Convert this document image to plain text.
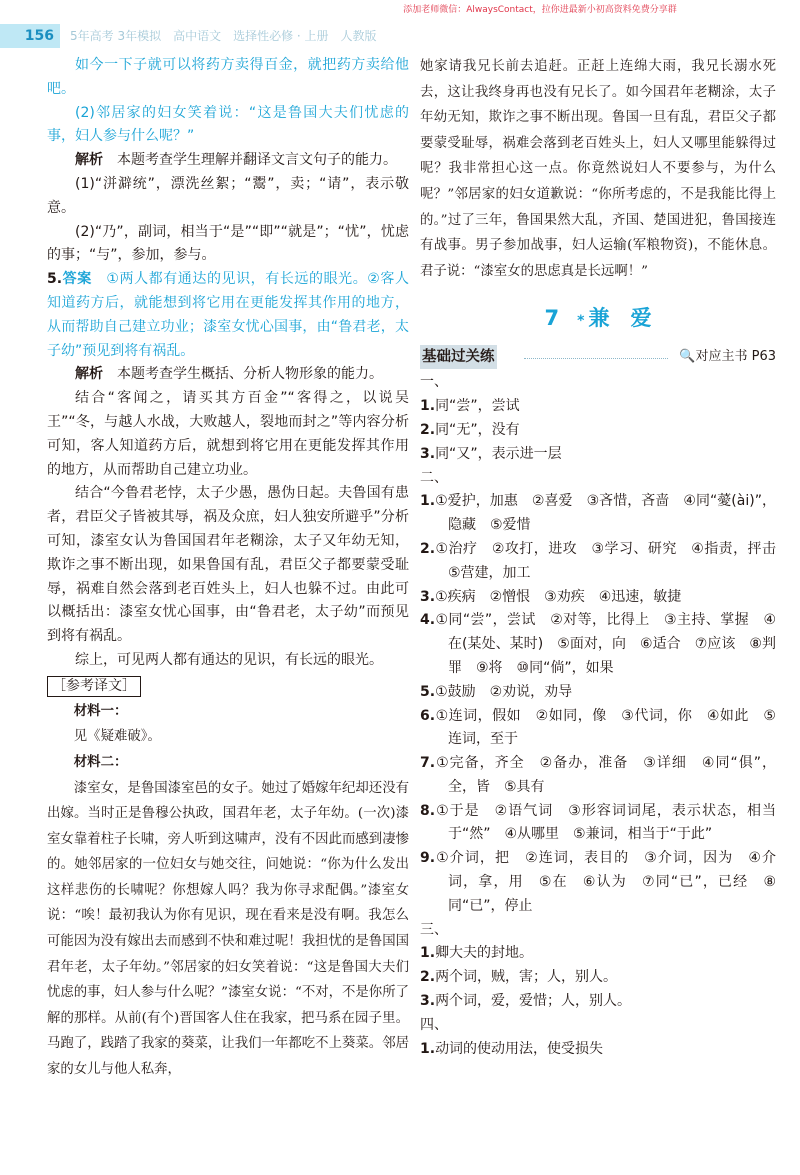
添加老师微信：AlwaysContact，拉你进最新小初高资料免费分享群
156	5年高考 3年模拟　高中语文　选择性必修 · 上册　人教版

如今一下子就可以将药方卖得百金，就把药方卖给他吧。

(2)邻居家的妇女笑着说：“这是鲁国大夫们忧虑的事，妇人参与什么呢？”

解析　本题考查学生理解并翻译文言文句子的能力。

(1)“洴澼统”，漂洗丝絮；“鬻”，卖；“请”，表示敬意。

(2)“乃”，副词，相当于“是”“即”“就是”；“忧”，忧虑的事；“与”，参加，参与。

5.答案　①两人都有通达的见识，有长远的眼光。②客人知道药方后，就能想到将它用在更能发挥其作用的地方，从而帮助自己建立功业；漆室女忧心国事，由“鲁君老，太子幼”预见到将有祸乱。

解析　本题考查学生概括、分析人物形象的能力。

结合“客闻之，请买其方百金”“客得之，以说吴王”“冬，与越人水战，大败越人，裂地而封之”等内容分析可知，客人知道药方后，就想到将它用在更能发挥其作用的地方，从而帮助自己建立功业。

结合“今鲁君老悖，太子少愚，愚伪日起。夫鲁国有患者，君臣父子皆被其辱，祸及众庶，妇人独安所避乎”分析可知，漆室女认为鲁国国君年老糊涂，太子又年幼无知，欺诈之事不断出现，如果鲁国有乱，君臣父子都要蒙受耻辱，祸难自然会落到老百姓头上，妇人也躲不过。由此可以概括出：漆室女忧心国事，由“鲁君老，太子幼”而预见到将有祸乱。

综上，可见两人都有通达的见识，有长远的眼光。

［参考译文］

材料一：

见《疑难破》。

材料二：

漆室女，是鲁国漆室邑的女子。她过了婚嫁年纪却还没有出嫁。当时正是鲁穆公执政，国君年老，太子年幼。(一次)漆室女靠着柱子长啸，旁人听到这啸声，没有不因此而感到凄惨的。她邻居家的一位妇女与她交往，问她说：“你为什么发出这样悲伤的长啸呢？你想嫁人吗？我为你寻求配偶。”漆室女说：“唉！最初我认为你有见识，现在看来是没有啊。我怎么可能因为没有嫁出去而感到不快和难过呢！我担忧的是鲁国国君年老，太子年幼。”邻居家的妇女笑着说：“这是鲁国大夫们忧虑的事，妇人参与什么呢？”漆室女说：“不对，不是你所了解的那样。从前(有个)晋国客人住在我家，把马系在园子里。马跑了，践踏了我家的葵菜，让我们一年都吃不上葵菜。邻居家的女儿与他人私奔，

她家请我兄长前去追赶。正赶上连绵大雨，我兄长溺水死去，这让我终身再也没有兄长了。如今国君年老糊涂，太子年幼无知，欺诈之事不断出现。鲁国一旦有乱，君臣父子都要蒙受耻辱，祸难会落到老百姓头上，妇人又哪里能躲得过呢？我非常担心这一点。你竟然说妇人不要参与，为什么呢？”邻居家的妇女道歉说：“你所考虑的，不是我能比得上的。”过了三年，鲁国果然大乱，齐国、楚国进犯，鲁国接连有战事。男子参加战事，妇人运输(军粮物资)，不能休息。君子说：“漆室女的思虑真是长远啊！”

7 * 兼　爱
基础过关练	🔍对应主书 P63

一、

1.同“尝”，尝试

2.同“无”，没有

3.同“又”，表示进一层

二、

1.①爱护，加惠　②喜爱　③吝惜，吝啬　④同“薆(ài)”，隐藏　⑤爱惜

2.①治疗　②攻打，进攻　③学习、研究　④指责，抨击　⑤营建，加工

3.①疾病　②憎恨　③劝疾　④迅速，敏捷

4.①同“尝”，尝试　②对等，比得上　③主持、掌握　④在(某处、某时)　⑤面对，向　⑥适合　⑦应该　⑧判罪　⑨将　⑩同“倘”，如果

5.①鼓励　②劝说，劝导

6.①连词，假如　②如同，像　③代词，你　④如此　⑤连词，至于

7.①完备，齐全　②备办，准备　③详细　④同“俱”，全，皆　⑤具有

8.①于是　②语气词　③形容词词尾，表示状态，相当于“然”　④从哪里　⑤兼词，相当于“于此”

9.①介词，把　②连词，表目的　③介词，因为　④介词，拿，用　⑤在　⑥认为　⑦同“已”，已经　⑧同“已”，停止

三、

1.卿大夫的封地。

2.两个词，贼，害；人，别人。

3.两个词，爱，爱惜；人，别人。

四、

1.动词的使动用法，使受损失
